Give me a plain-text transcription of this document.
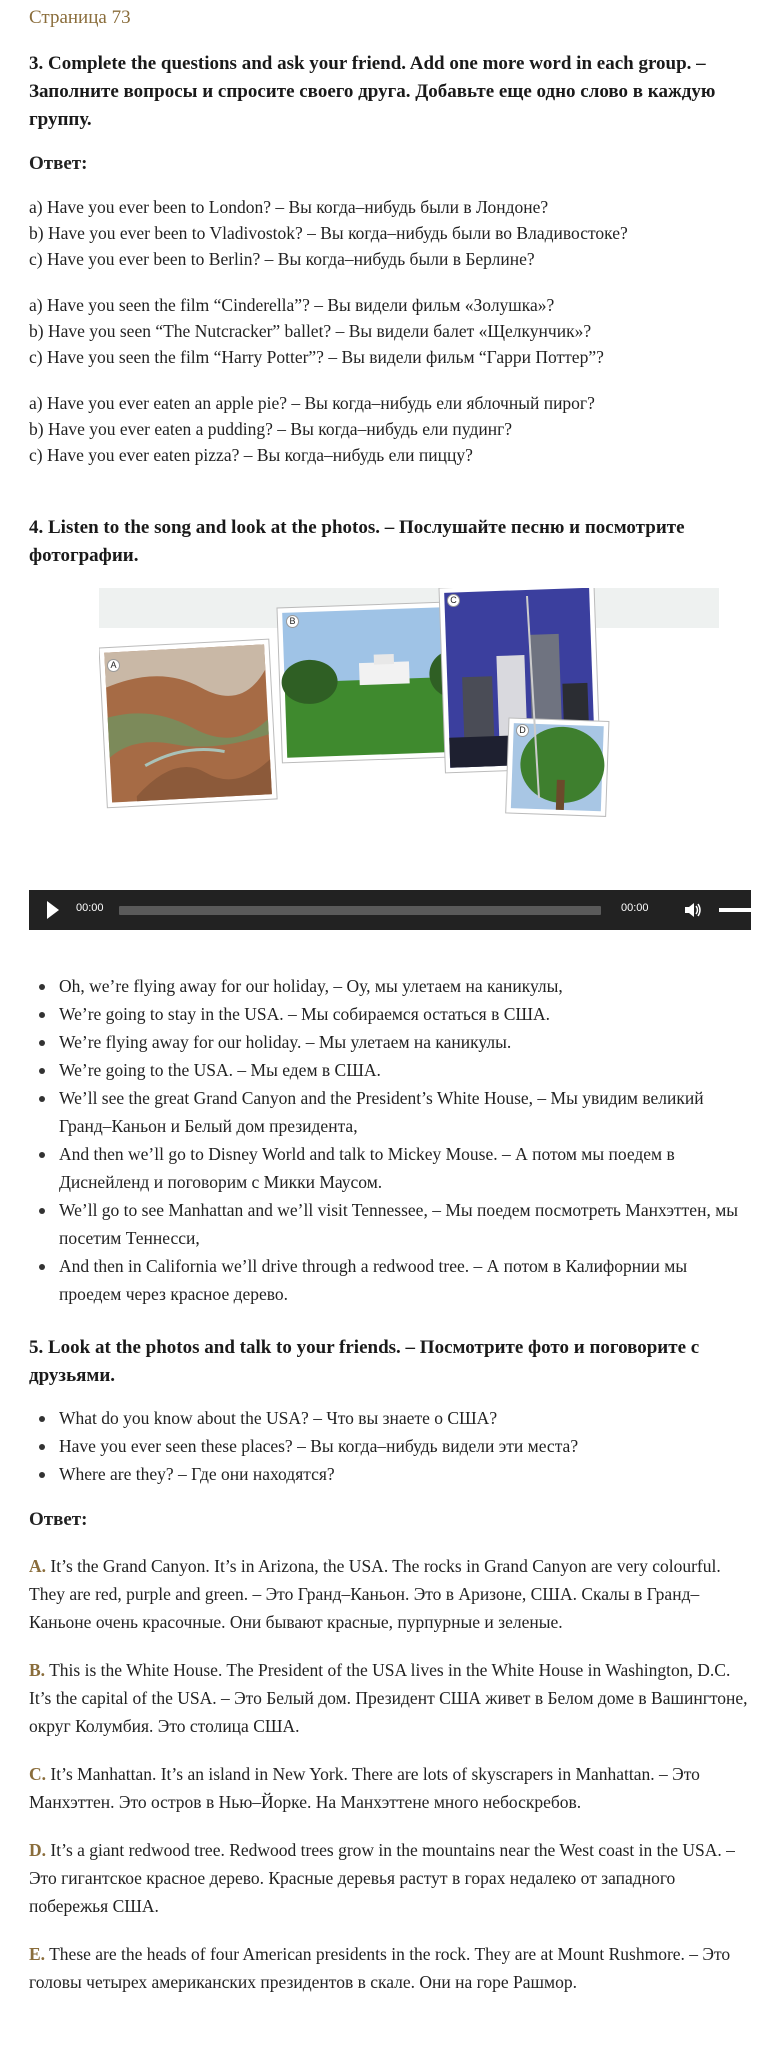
Страница 73

3. Complete the questions and ask your friend. Add one more word in each group. – Заполните вопросы и спросите своего друга. Добавьте еще одно слово в каждую группу.

Ответ:

a) Have you ever been to London? – Вы когда–нибудь были в Лондоне?

b) Have you ever been to Vladivostok? – Вы когда–нибудь были во Владивостоке?

c) Have you ever been to Berlin? – Вы когда–нибудь были в Берлине?

a) Have you seen the film “Cinderella”? – Вы видели фильм «Золушка»?

b) Have you seen “The Nutcracker” ballet? – Вы видели балет «Щелкунчик»?

c) Have you seen the film “Harry Potter”? – Вы видели фильм “Гарри Поттер”?

a) Have you ever eaten an apple pie? – Вы когда–нибудь ели яблочный пирог?

b) Have you ever eaten a pudding? – Вы когда–нибудь ели пудинг?

c) Have you ever eaten pizza? – Вы когда–нибудь ели пиццу?

4. Listen to the song and look at the photos. – Послушайте песню и посмотрите фотографии.

A
B
C
D
00:00	00:00
Oh, we’re flying away for our holiday, – Оу, мы улетаем на каникулы,
We’re going to stay in the USA. – Мы собираемся остаться в США.
We’re flying away for our holiday. – Мы улетаем на каникулы.
We’re going to the USA. – Мы едем в США.
We’ll see the great Grand Canyon and the President’s White House, – Мы увидим великий Гранд–Каньон и Белый дом президента,
And then we’ll go to Disney World and talk to Mickey Mouse. – А потом мы поедем в Диснейленд и поговорим с Микки Маусом.
We’ll go to see Manhattan and we’ll visit Tennessee, – Мы поедем посмотреть Манхэттен, мы посетим Теннесси,
And then in California we’ll drive through a redwood tree. – А потом в Калифорнии мы проедем через красное дерево.

5. Look at the photos and talk to your friends. – Посмотрите фото и поговорите с друзьями.

What do you know about the USA? – Что вы знаете о США?
Have you ever seen these places? – Вы когда–нибудь видели эти места?
Where are they? – Где они находятся?
Ответ:

A. It’s the Grand Canyon. It’s in Arizona, the USA. The rocks in Grand Canyon are very colourful. They are red, purple and green. – Это Гранд–Каньон. Это в Аризоне, США. Скалы в Гранд–Каньоне очень красочные. Они бывают красные, пурпурные и зеленые.

B. This is the White House. The President of the USA lives in the White House in Washington, D.C. It’s the capital of the USA. – Это Белый дом. Президент США живет в Белом доме в Вашингтоне, округ Колумбия. Это столица США.

C. It’s Manhattan. It’s an island in New York. There are lots of skyscrapers in Manhattan. – Это Манхэттен. Это остров в Нью–Йорке. На Манхэттене много небоскребов.

D. It’s a giant redwood tree. Redwood trees grow in the mountains near the West coast in the USA. – Это гигантское красное дерево. Красные деревья растут в горах недалеко от западного побережья США.

E. These are the heads of four American presidents in the rock. They are at Mount Rushmore. – Это головы четырех американских президентов в скале. Они на горе Рашмор.
